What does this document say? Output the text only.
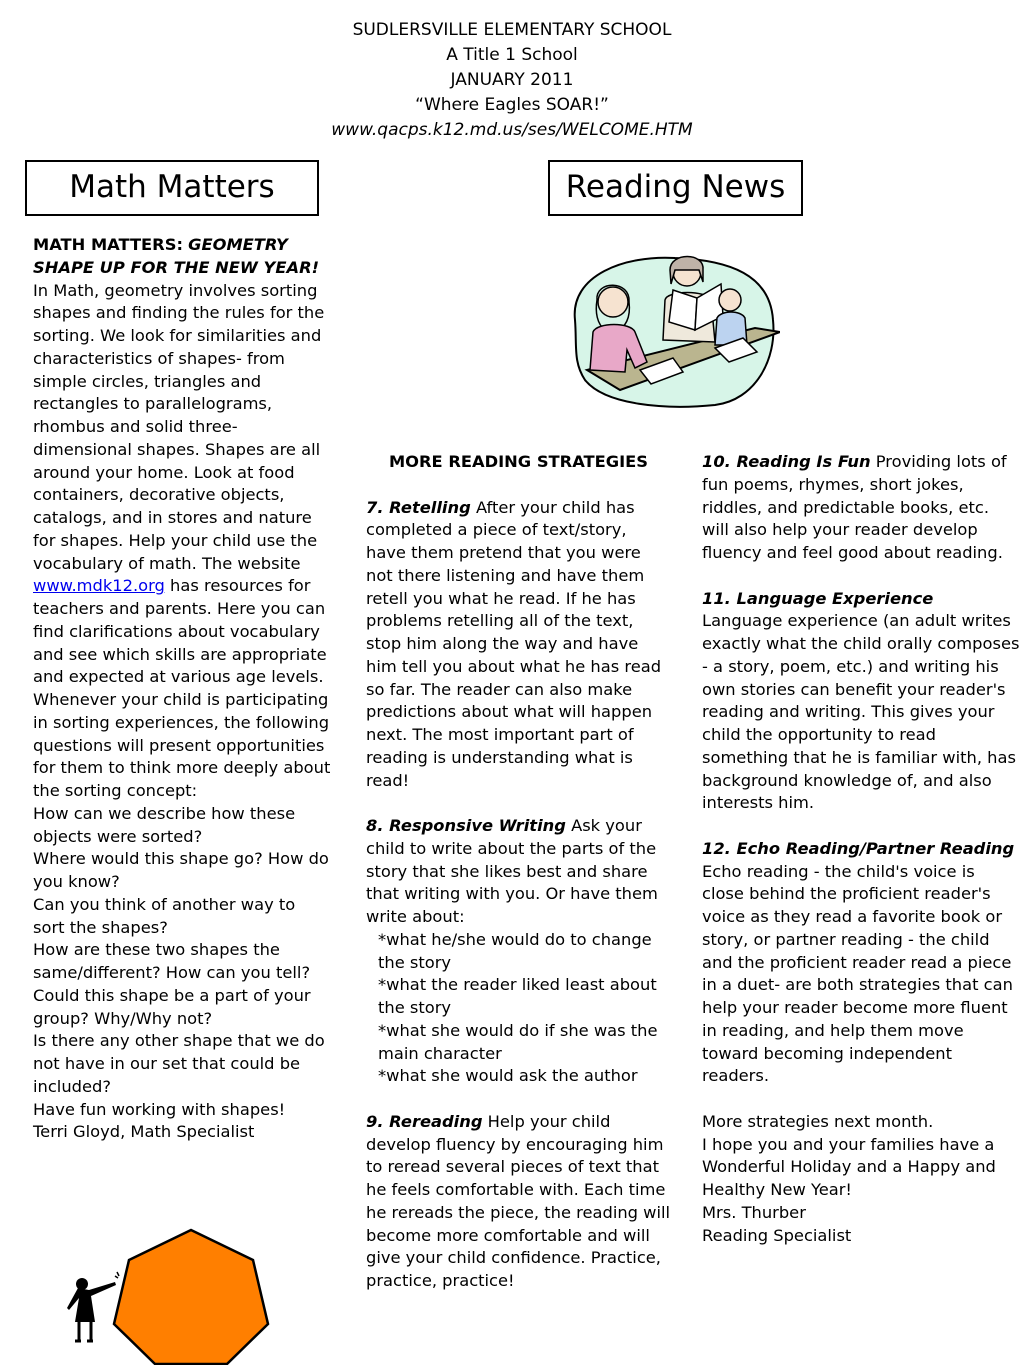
SUDLERSVILLE ELEMENTARY SCHOOL
A Title 1 School
JANUARY 2011
“Where Eagles SOAR!”
www.qacps.k12.md.us/ses/WELCOME.HTM
Math Matters	Reading News

MATH MATTERS: GEOMETRY SHAPE UP FOR THE NEW YEAR!

In Math, geometry involves sorting shapes and finding the rules for the sorting. We look for similarities and characteristics of shapes- from simple circles, triangles and rectangles to parallelograms, rhombus and solid three-dimensional shapes. Shapes are all around your home. Look at food containers, decorative objects, catalogs, and in stores and nature for shapes. Help your child use the vocabulary of math. The website www.mdk12.org has resources for teachers and parents. Here you can find clarifications about vocabulary and see which skills are appropriate and expected at various age levels. Whenever your child is participating in sorting experiences, the following questions will present opportunities for them to think more deeply about the sorting concept:

How can we describe how these objects were sorted?

Where would this shape go? How do you know?

Can you think of another way to sort the shapes?

How are these two shapes the same/different? How can you tell?

Could this shape be a part of your group? Why/Why not?

Is there any other shape that we do not have in our set that could be included?

Have fun working with shapes!

Terri Gloyd, Math Specialist

MORE READING STRATEGIES

7. Retelling After your child has completed a piece of text/story, have them pretend that you were not there listening and have them retell you what he read. If he has problems retelling all of the text, stop him along the way and have him tell you about what he has read so far. The reader can also make predictions about what will happen next. The most important part of reading is understanding what is read!

8. Responsive Writing Ask your child to write about the parts of the story that she likes best and share that writing with you. Or have them write about:

*what he/she would do to change the story

*what the reader liked least about the story

*what she would do if she was the main character

*what she would ask the author

9. Rereading Help your child develop fluency by encouraging him to reread several pieces of text that he feels comfortable with. Each time he rereads the piece, the reading will become more comfortable and will give your child confidence. Practice, practice, practice!

10. Reading Is Fun Providing lots of fun poems, rhymes, short jokes, riddles, and predictable books, etc. will also help your reader develop fluency and feel good about reading.

11. Language Experience

Language experience (an adult writes exactly what the child orally composes - a story, poem, etc.) and writing his own stories can benefit your reader's reading and writing. This gives your child the opportunity to read something that he is familiar with, has background knowledge of, and also interests him.

12. Echo Reading/Partner Reading

Echo reading - the child's voice is close behind the proficient reader's voice as they read a favorite book or story, or partner reading - the child and the proficient reader read a piece in a duet- are both strategies that can help your reader become more fluent in reading, and help them move toward becoming independent readers.

More strategies next month.

I hope you and your families have a Wonderful Holiday and a Happy and Healthy New Year!

Mrs. Thurber

Reading Specialist
